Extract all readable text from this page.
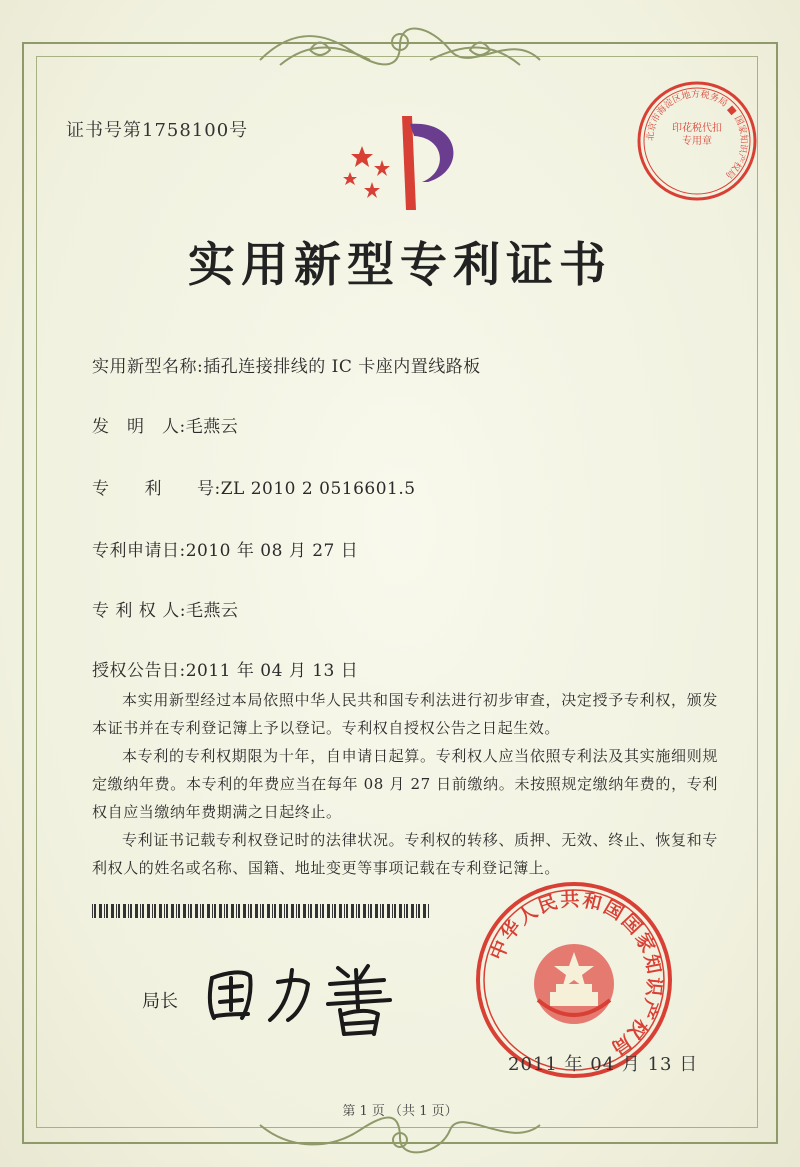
证书号第1758100号	北京市海淀区地方税务局 ■ 国家知识产权局
印花税代扣专用章
实用新型专利证书
实用新型名称:插孔连接排线的 IC 卡座内置线路板
发　明　人:毛燕云
专　　利　　号:ZL 2010 2 0516601.5
专利申请日:2010 年 08 月 27 日
专 利 权 人:毛燕云
授权公告日:2011 年 04 月 13 日

本实用新型经过本局依照中华人民共和国专利法进行初步审查，决定授予专利权，颁发本证书并在专利登记簿上予以登记。专利权自授权公告之日起生效。

本专利的专利权期限为十年，自申请日起算。专利权人应当依照专利法及其实施细则规定缴纳年费。本专利的年费应当在每年 08 月 27 日前缴纳。未按照规定缴纳年费的，专利权自应当缴纳年费期满之日起终止。

专利证书记载专利权登记时的法律状况。专利权的转移、质押、无效、终止、恢复和专利权人的姓名或名称、国籍、地址变更等事项记载在专利登记簿上。

局长
中华人民共和国国家知识产权局
2011 年 04 月 13 日
第 1 页 （共 1 页）
